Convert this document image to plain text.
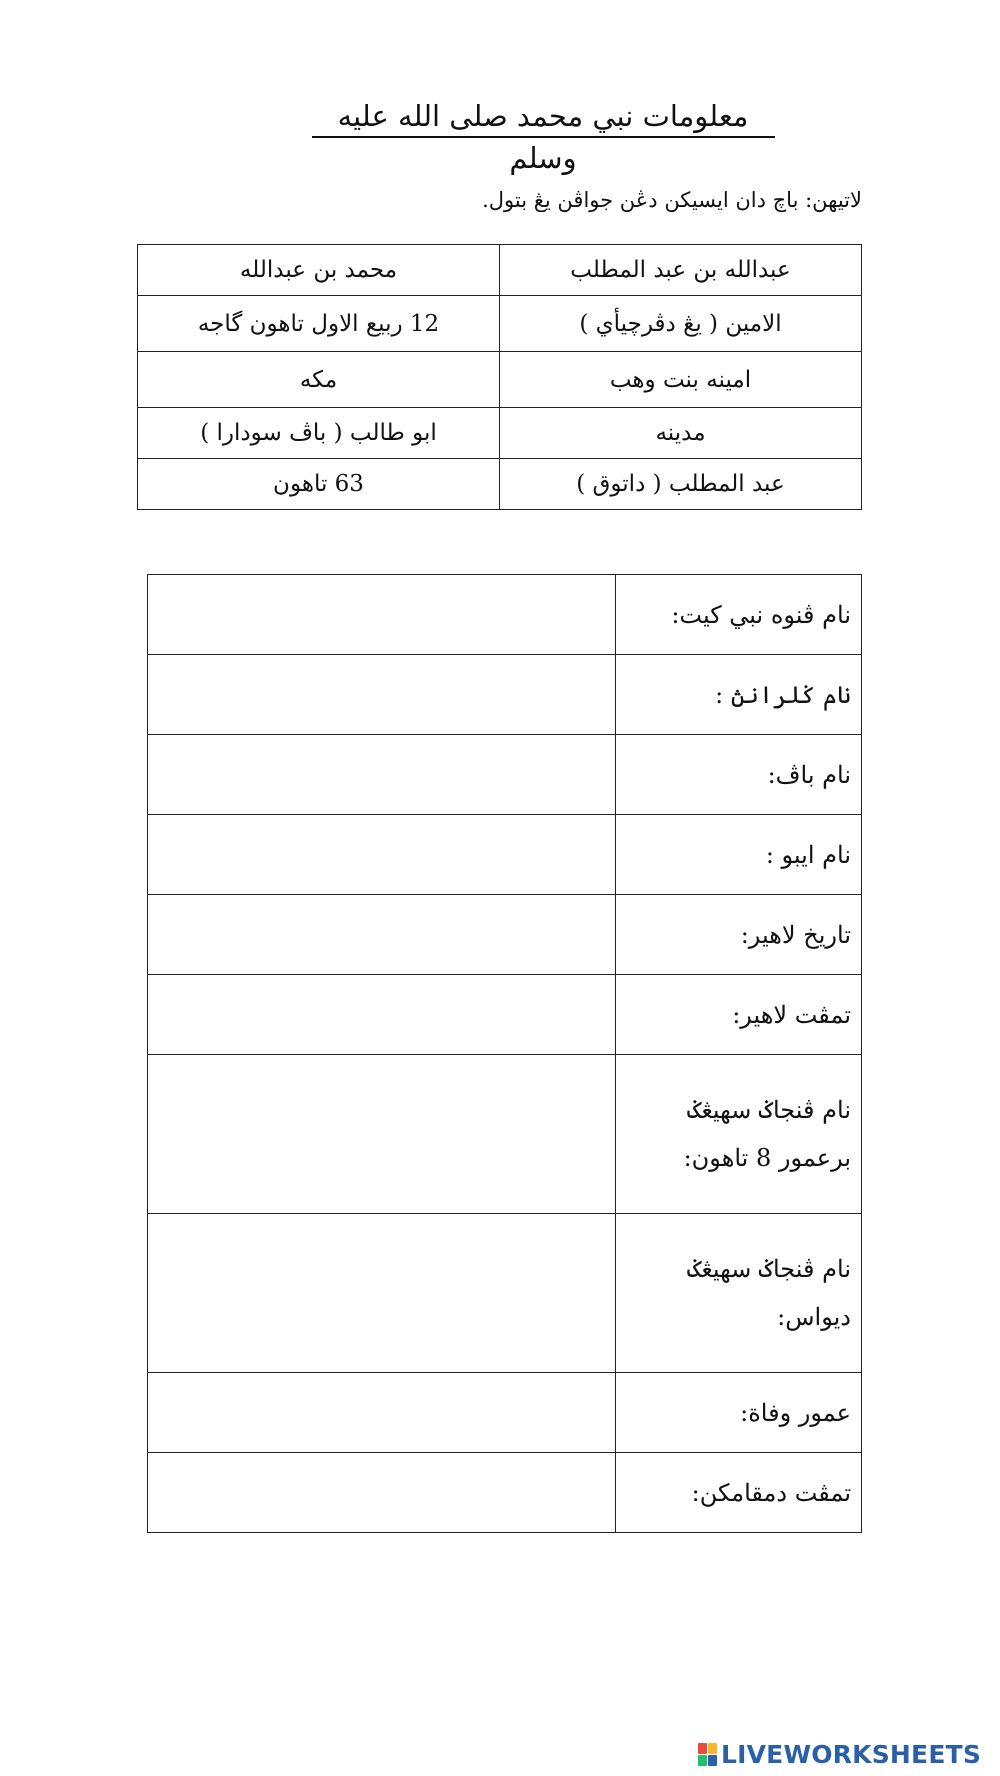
معلومات نبي محمد صلى الله عليه وسلم
لاتيهن: باچ دان ايسيکن دڠن جواڤن يڠ بتول.
عبدالله بن عبد المطلب	محمد بن عبدالله
الامين ( يڠ دڤرچيأي )	12 ربيع الاول تاهون گاجه
امينه بنت وهب	مکه
مدينه	ابو طالب ( باڤ سودارا )
عبد المطلب ( داتوق )	63 تاهون
نام ڤنوه نبي کيت:	

نام ݢلرانڽ :	

نام باڤ:	

نام ايبو :	

تاريخ لاهير:	

تمڤت لاهير:	

نام ڤنجاݢ سهيڠݢ
برعمور 8 تاهون:	

نام ڤنجاݢ سهيڠݢ
ديواس:	

عمور وفاة:	

تمڤت دمقامکن:	

LIVEWORKSHEETS
